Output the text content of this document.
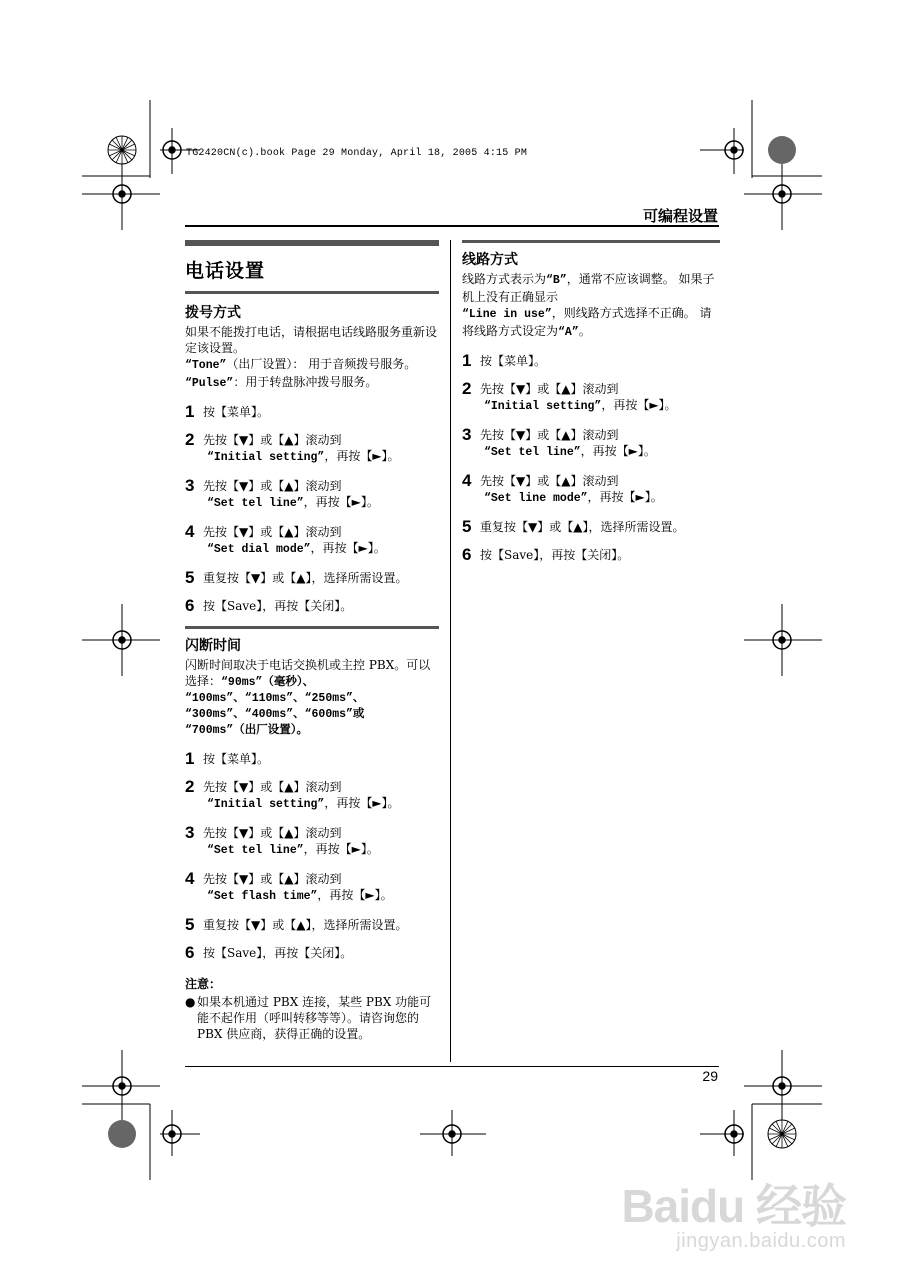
TG2420CN(c).book Page 29 Monday, April 18, 2005 4:15 PM
可编程设置
电话设置
拨号方式

如果不能拨打电话，请根据电话线路服务重新设定该设置。

“Tone”（出厂设置）： 用于音频拨号服务。

“Pulse”：用于转盘脉冲拨号服务。

1 按【菜单】。
2 先按【▼】或【▲】滚动到
“Initial setting”，再按【►】。
3 先按【▼】或【▲】滚动到
“Set tel line”，再按【►】。
4 先按【▼】或【▲】滚动到
“Set dial mode”，再按【►】。
5 重复按【▼】或【▲】，选择所需设置。
6 按【Save】，再按【关闭】。
闪断时间

闪断时间取决于电话交换机或主控 PBX。可以选择：“90ms”（毫秒）、

“100ms”、“110ms”、“250ms”、

“300ms”、“400ms”、“600ms”或

“700ms”（出厂设置）。

1 按【菜单】。
2 先按【▼】或【▲】滚动到
“Initial setting”，再按【►】。
3 先按【▼】或【▲】滚动到
“Set tel line”，再按【►】。
4 先按【▼】或【▲】滚动到
“Set flash time”，再按【►】。
5 重复按【▼】或【▲】，选择所需设置。
6 按【Save】，再按【关闭】。
注意：
● 如果本机通过 PBX 连接，某些 PBX 功能可能不起作用（呼叫转移等等）。请咨询您的 PBX 供应商，获得正确的设置。
线路方式

线路方式表示为“B”，通常不应该调整。 如果子机上没有正确显示
“Line in use”，则线路方式选择不正确。 请将线路方式设定为“A”。

1 按【菜单】。
2 先按【▼】或【▲】滚动到
“Initial setting”，再按【►】。
3 先按【▼】或【▲】滚动到
“Set tel line”，再按【►】。
4 先按【▼】或【▲】滚动到
“Set line mode”，再按【►】。
5 重复按【▼】或【▲】，选择所需设置。
6 按【Save】，再按【关闭】。
29
Baidu 经验
jingyan.baidu.com
